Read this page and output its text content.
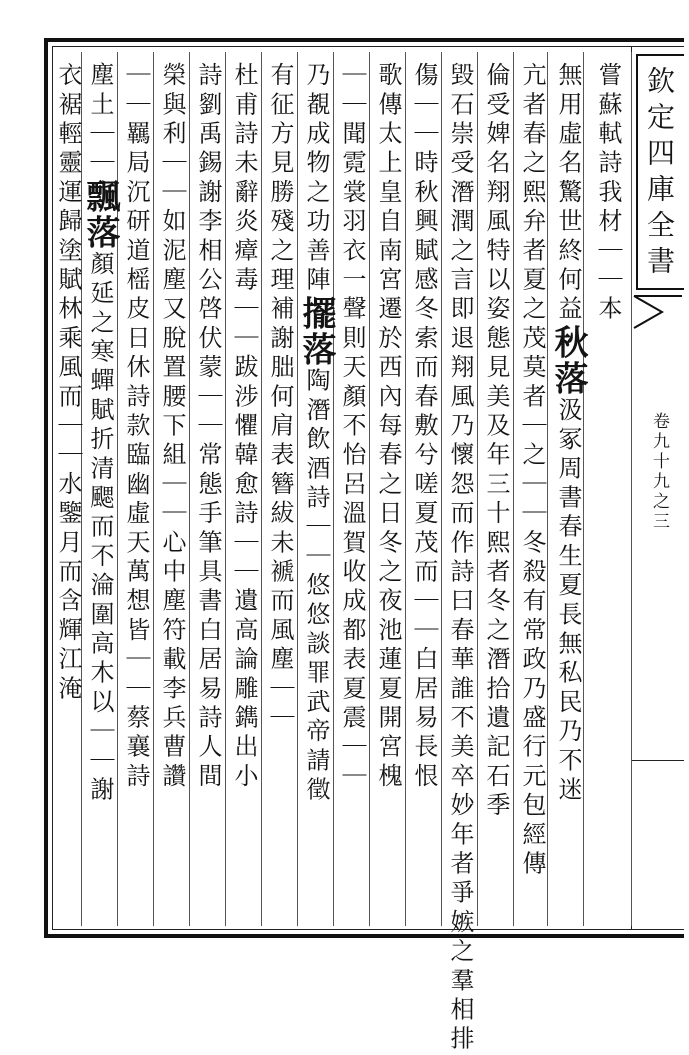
欽定四庫全書
卷九十九之三
嘗蘇軾詩我材｜｜本
無用虛名驚世終何益秋落汲冢周書春生夏長無私民乃不迷
亢者春之熙弁者夏之茂莫者｜之｜｜冬殺有常政乃盛行元包經傳
倫受婢名翔風特以姿態見美及年三十熙者冬之潛拾遺記石季
毀石崇受潛潤之言即退翔風乃懷怨而作詩曰春華誰不美卒妙年者爭嫉之羣相排
傷｜｜時秋興賦感冬索而春敷兮嗟夏茂而｜｜白居易長恨
歌傳太上皇自南宮遷於西內每春之日冬之夜池蓮夏開宮槐
｜｜聞霓裳羽衣一聲則天顏不怡呂溫賀收成都表夏震｜｜
乃覩成物之功善陣擺落陶潛飲酒詩｜｜悠悠談罪武帝請徵
有征方見勝殘之理補謝朏何肩表簪紱未褫而風塵｜｜
杜甫詩未辭炎瘴毒｜｜跋涉懼韓愈詩｜｜遺高論雕鐫出小
詩劉禹錫謝李相公啓伏蒙｜｜常態手筆具書白居易詩人間
榮與利｜｜如泥塵又脫置腰下組｜｜心中塵符載李兵曹讚
｜｜羈局沉研道榣皮日休詩款臨幽虛天萬想皆｜｜蔡襄詩
塵土｜｜飄落顏延之寒蟬賦折清颸而不淪圍高木以｜｜謝
衣裾輕靈運歸塗賦林乘風而｜｜水鑒月而含輝江淹
